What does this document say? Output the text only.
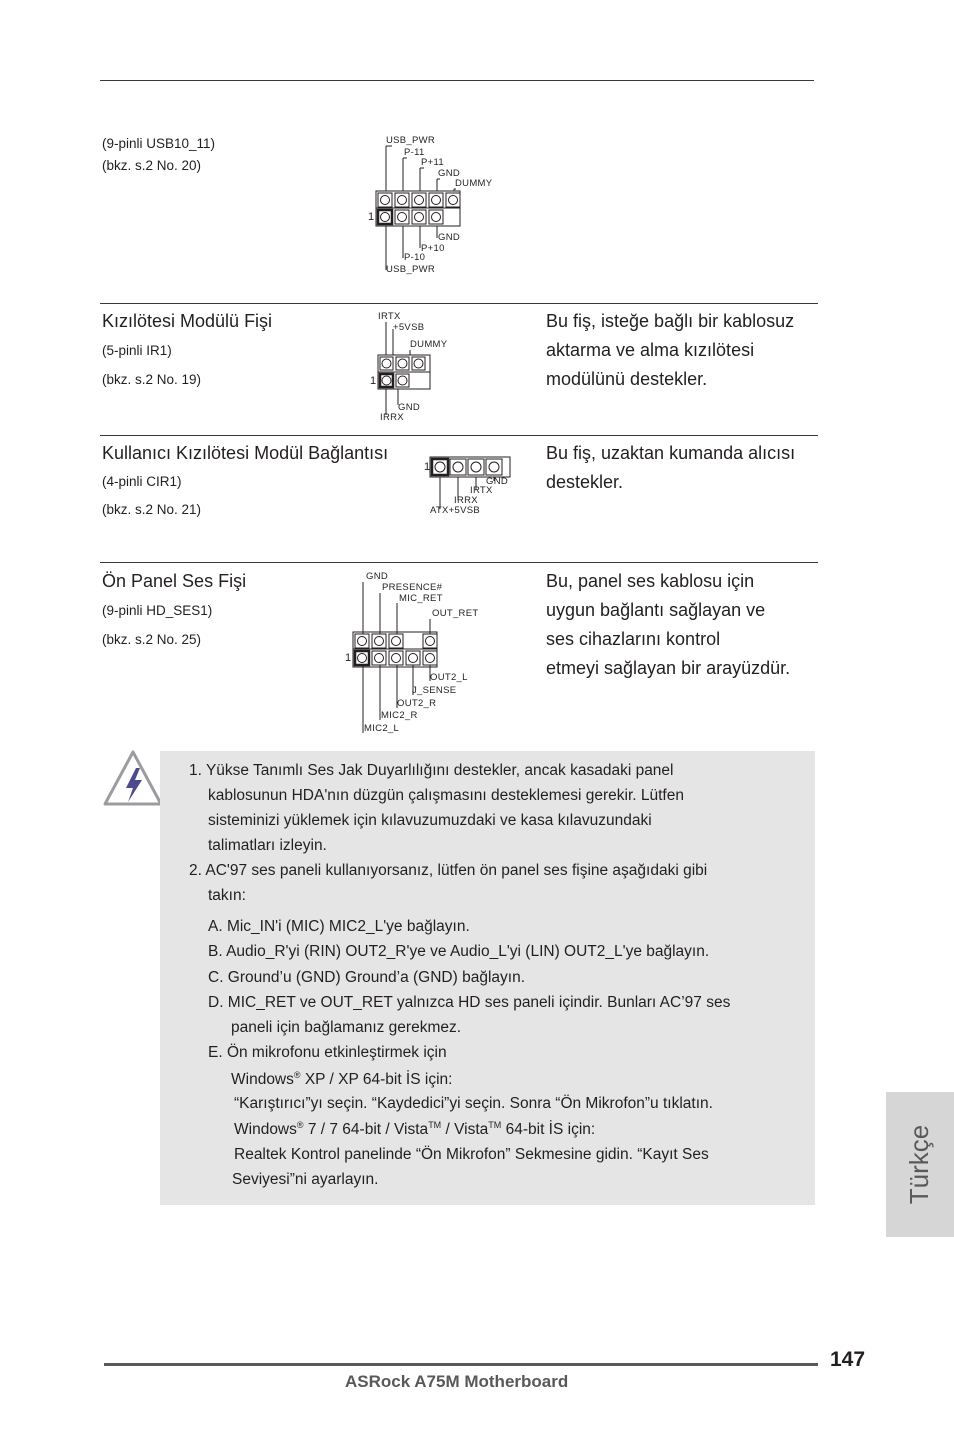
(9-pinli USB10_11)
(bkz. s.2 No. 20)
USB_PWR
P-11
P+11
GND
DUMMY
1
GND
P+10
P-10
USB_PWR
Kızılötesi Modülü Fişi
(5-pinli IR1)
(bkz. s.2 No. 19)
Bu fiş, isteğe bağlı bir kablosuz
aktarma ve alma kızılötesi
modülünü destekler.
IRTX
+5VSB
DUMMY
1
GND
IRRX
Kullanıcı Kızılötesi Modül Bağlantısı
(4-pinli CIR1)
(bkz. s.2 No. 21)
Bu fiş, uzaktan kumanda alıcısı
destekler.
1
GND
IRTX
IRRX
ATX+5VSB
Ön Panel Ses Fişi
(9-pinli HD_SES1)
(bkz. s.2 No. 25)
Bu, panel ses kablosu için
uygun bağlantı sağlayan ve
ses cihazlarını kontrol
etmeyi sağlayan bir arayüzdür.
1
GND
PRESENCE#
MIC_RET
OUT_RET
OUT2_L
J_SENSE
OUT2_R
MIC2_R
MIC2_L
1. Yükse Tanımlı Ses Jak Duyarlılığını destekler, ancak kasadaki panel
kablosunun HDA'nın düzgün çalışmasını desteklemesi gerekir. Lütfen
sisteminizi yüklemek için kılavuzumuzdaki ve kasa kılavuzundaki
talimatları izleyin.
2. AC'97 ses paneli kullanıyorsanız, lütfen ön panel ses fişine aşağıdaki gibi
takın:
A. Mic_IN'i (MIC) MIC2_L'ye bağlayın.
B. Audio_R'yi (RIN) OUT2_R'ye ve Audio_L'yi (LIN) OUT2_L'ye bağlayın.
C. Ground’u (GND) Ground’a (GND) bağlayın.
D. MIC_RET ve OUT_RET yalnızca HD ses paneli içindir. Bunları AC’97 ses
paneli için bağlamanız gerekmez.
E. Ön mikrofonu etkinleştirmek için
Windows® XP / XP 64-bit İS için:
“Karıştırıcı”yı seçin. “Kaydedici”yi seçin. Sonra “Ön Mikrofon”u tıklatın.
Windows® 7 / 7 64-bit / Vista™ / Vista™ 64-bit İS için:
Realtek Kontrol panelinde “Ön Mikrofon” Sekmesine gidin. “Kayıt Ses
Seviyesi”ni ayarlayın.	Türkçe
147
ASRock A75M Motherboard
